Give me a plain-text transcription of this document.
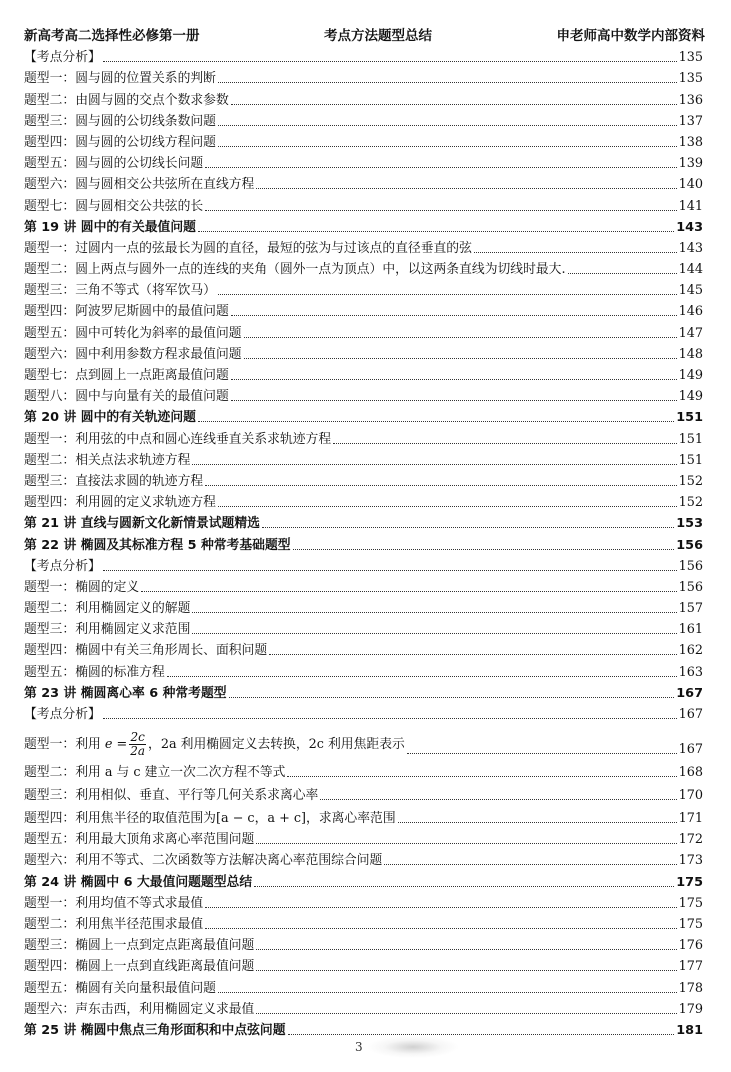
新高考高二选择性必修第一册	考点方法题型总结	申老师高中数学内部资料
【考点分析】	135
题型一：圆与圆的位置关系的判断	135
题型二：由圆与圆的交点个数求参数	136
题型三：圆与圆的公切线条数问题	137
题型四：圆与圆的公切线方程问题	138
题型五：圆与圆的公切线长问题	139
题型六：圆与圆相交公共弦所在直线方程	140
题型七：圆与圆相交公共弦的长	141
第 19 讲 圆中的有关最值问题	143
题型一：过圆内一点的弦最长为圆的直径，最短的弦为与过该点的直径垂直的弦	143
题型二：圆上两点与圆外一点的连线的夹角（圆外一点为顶点）中，以这两条直线为切线时最大.	144
题型三：三角不等式（将军饮马）	145
题型四：阿波罗尼斯圆中的最值问题	146
题型五：圆中可转化为斜率的最值问题	147
题型六：圆中利用参数方程求最值问题	148
题型七：点到圆上一点距离最值问题	149
题型八：圆中与向量有关的最值问题	149
第 20 讲 圆中的有关轨迹问题	151
题型一：利用弦的中点和圆心连线垂直关系求轨迹方程	151
题型二：相关点法求轨迹方程	151
题型三：直接法求圆的轨迹方程	152
题型四：利用圆的定义求轨迹方程	152
第 21 讲 直线与圆新文化新情景试题精选	153
第 22 讲 椭圆及其标准方程 5 种常考基础题型	156
【考点分析】	156
题型一：椭圆的定义	156
题型二：利用椭圆定义的解题	157
题型三：利用椭圆定义求范围	161
题型四：椭圆中有关三角形周长、面积问题	162
题型五：椭圆的标准方程	163
第 23 讲 椭圆离心率 6 种常考题型	167
【考点分析】	167
题型一：利用 $e = \frac{2c}{2a}$ ，2a 利用椭圆定义去转换，2c 利用焦距表示	167
题型二：利用 a 与 c 建立一次二次方程不等式	168
题型三：利用相似、垂直、平行等几何关系求离心率	170
题型四：利用焦半径的取值范围为[a − c，a + c]，求离心率范围	171
题型五：利用最大顶角求离心率范围问题	172
题型六：利用不等式、二次函数等方法解决离心率范围综合问题	173
第 24 讲 椭圆中 6 大最值问题题型总结	175
题型一：利用均值不等式求最值	175
题型二：利用焦半径范围求最值	175
题型三：椭圆上一点到定点距离最值问题	176
题型四：椭圆上一点到直线距离最值问题	177
题型五：椭圆有关向量积最值问题	178
题型六：声东击西，利用椭圆定义求最值	179
第 25 讲 椭圆中焦点三角形面积和中点弦问题	181
3
